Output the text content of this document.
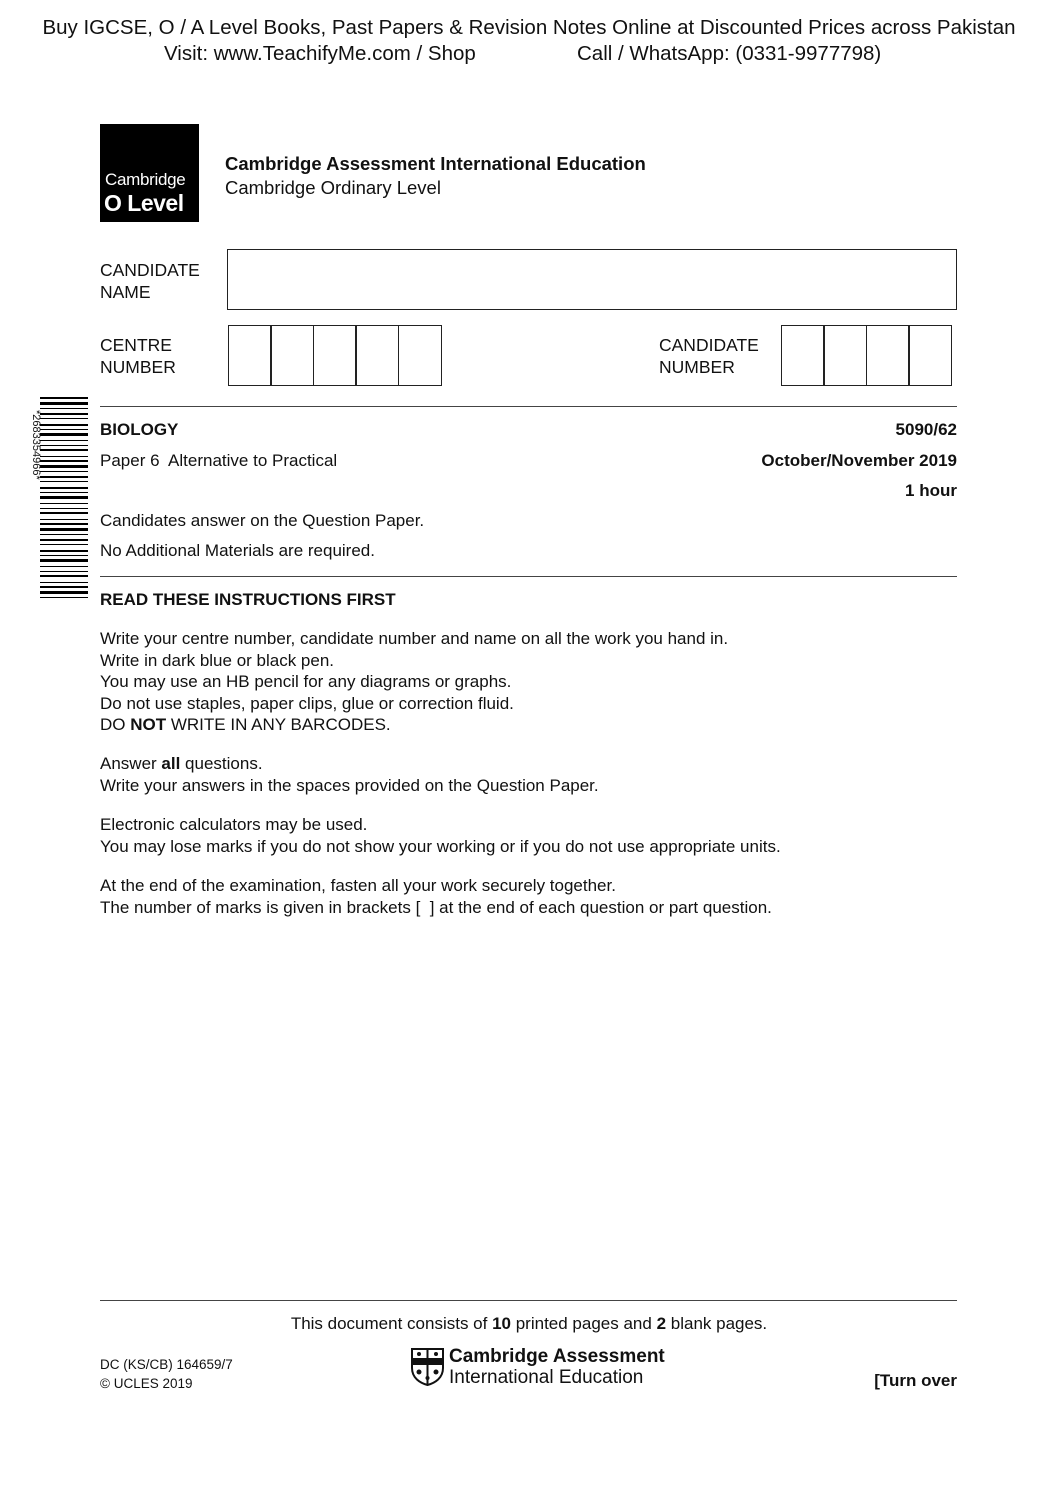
Buy IGCSE, O / A Level Books, Past Papers & Revision Notes Online at Discounted Prices across Pakistan
Visit: www.TeachifyMe.com / Shop	Call / WhatsApp: (0331-9977798)
Cambridge
O Level
Cambridge Assessment International Education
Cambridge Ordinary Level
CANDIDATE
NAME
CENTRE
NUMBER
CANDIDATE
NUMBER
*2683354966*	BIOLOGY	5090/62
Paper 6  Alternative to Practical	October/November 2019
1 hour
Candidates answer on the Question Paper.
No Additional Materials are required.
READ THESE INSTRUCTIONS FIRST
Write your centre number, candidate number and name on all the work you hand in.
Write in dark blue or black pen.
You may use an HB pencil for any diagrams or graphs.
Do not use staples, paper clips, glue or correction fluid.
DO NOT WRITE IN ANY BARCODES.
Answer all questions.
Write your answers in the spaces provided on the Question Paper.
Electronic calculators may be used.
You may lose marks if you do not show your working or if you do not use appropriate units.
At the end of the examination, fasten all your work securely together.
The number of marks is given in brackets [  ] at the end of each question or part question.
This document consists of 10 printed pages and 2 blank pages.
DC (KS/CB) 164659/7
© UCLES 2019
Cambridge Assessment
International Education	[Turn over
